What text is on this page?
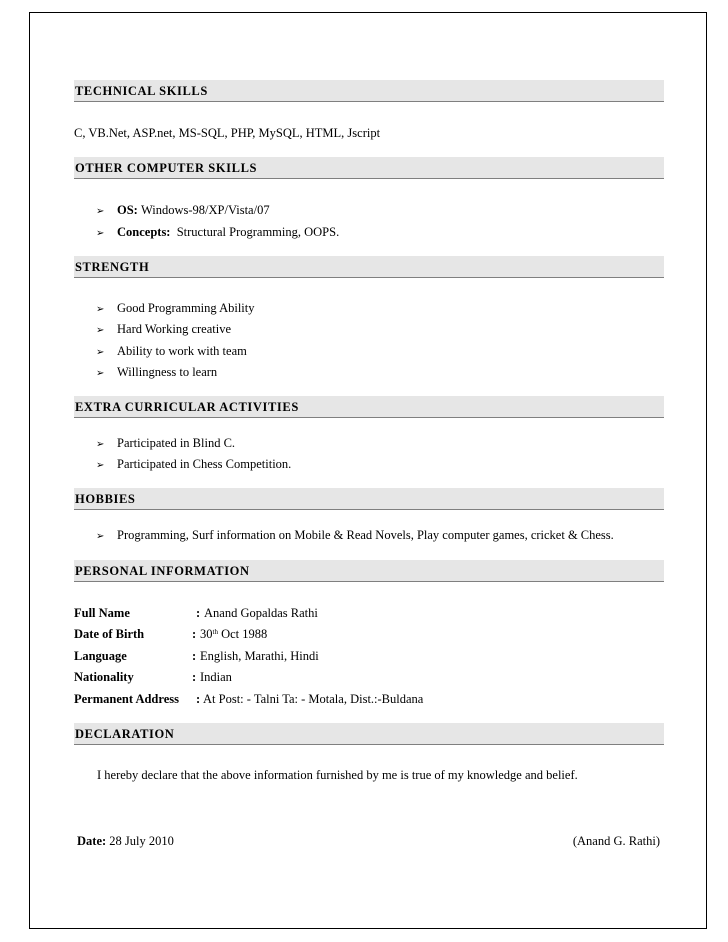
TECHNICAL SKILLS
C, VB.Net, ASP.net, MS-SQL, PHP, MySQL, HTML, Jscript
OTHER COMPUTER SKILLS
➢	OS:
Windows-98/XP/Vista/07
➢	Concepts:
Structural Programming, OOPS.
STRENGTH
➢	Good Programming Ability
➢	Hard Working creative
➢	Ability to work with team
➢	Willingness to learn
EXTRA CURRICULAR ACTIVITIES
➢	Participated in Blind C.
➢	Participated in Chess Competition.
HOBBIES
➢	Programming, Surf information on Mobile & Read Novels, Play computer games, cricket & Chess.
PERSONAL INFORMATION
Full Name	: Anand Gopaldas Rathi
Date of Birth	: 30th Oct 1988
Language	: English, Marathi, Hindi
Nationality	: Indian
Permanent Address : At Post: - Talni Ta: - Motala, Dist.:-Buldana
DECLARATION
I hereby declare that the above information furnished by me is true of my knowledge and belief.
Date: 28 July 2010	(Anand G. Rathi)
